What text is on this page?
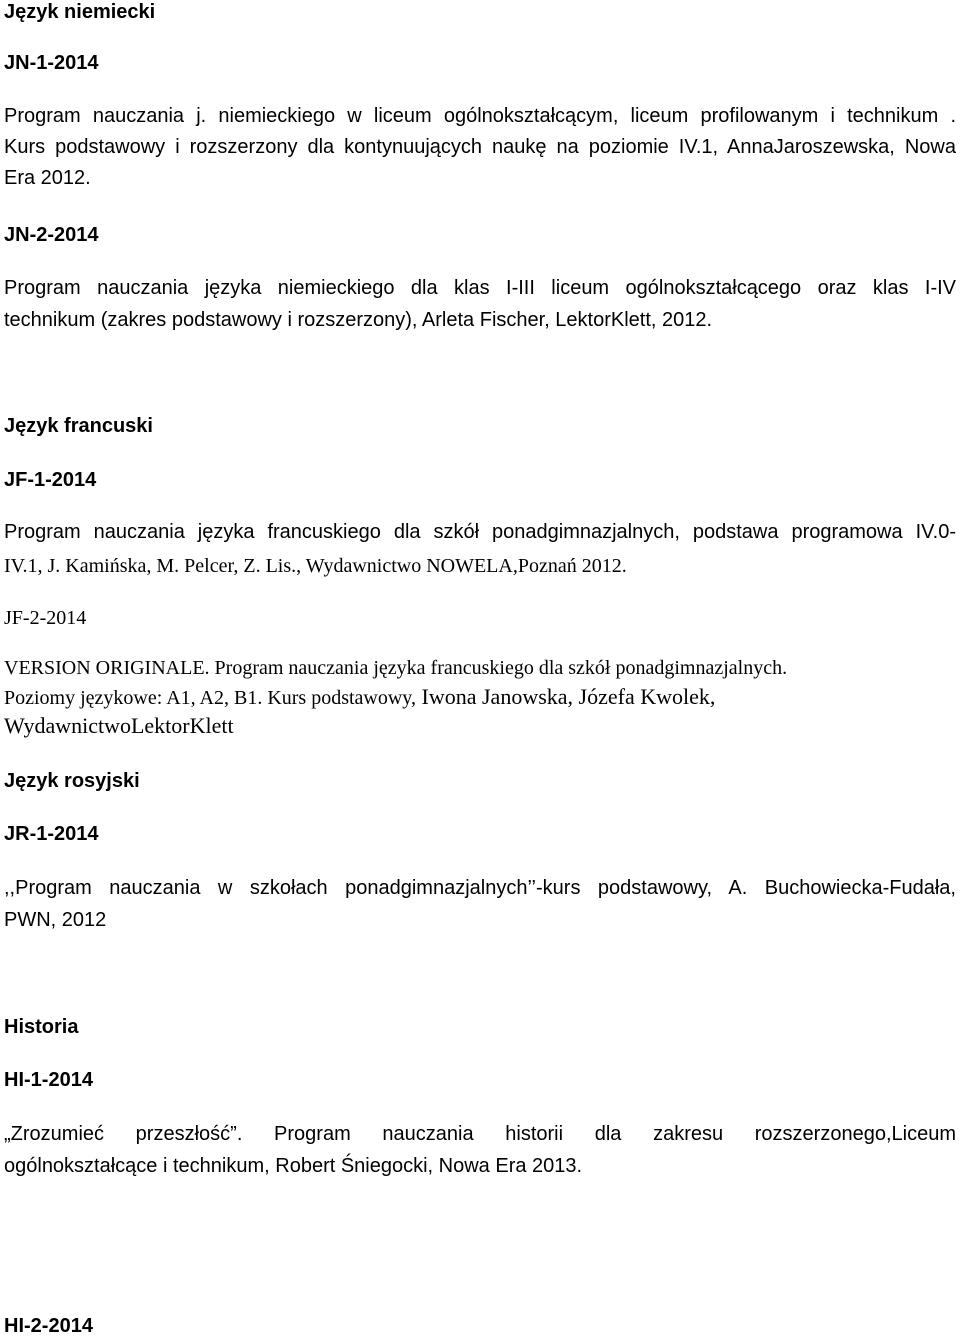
Język niemiecki
JN-1-2014
Program nauczania j. niemieckiego w liceum ogólnokształcącym, liceum profilowanym i technikum .
Kurs podstawowy i rozszerzony dla kontynuujących naukę na poziomie IV.1, AnnaJaroszewska, Nowa
Era 2012.
JN-2-2014
Program nauczania języka niemieckiego dla klas I-III liceum ogólnokształcącego oraz klas I-IV
technikum (zakres podstawowy i rozszerzony), Arleta Fischer, LektorKlett, 2012.
Język francuski
JF-1-2014
Program nauczania języka francuskiego dla szkół ponadgimnazjalnych, podstawa programowa IV.0-
IV.1, J. Kamińska, M. Pelcer, Z. Lis., Wydawnictwo NOWELA,Poznań 2012.
JF-2-2014
VERSION ORIGINALE. Program nauczania języka francuskiego dla szkół ponadgimnazjalnych.
Poziomy językowe: A1, A2, B1. Kurs podstawowy, Iwona Janowska, Józefa Kwolek,
WydawnictwoLektorKlett
Język rosyjski
JR-1-2014
,,Program nauczania w szkołach ponadgimnazjalnych’’-kurs podstawowy, A. Buchowiecka-Fudała,
PWN, 2012
Historia
HI-1-2014
„Zrozumieć przeszłość”. Program nauczania historii dla zakresu rozszerzonego,Liceum
ogólnokształcące i technikum, Robert Śniegocki, Nowa Era 2013.
HI-2-2014
